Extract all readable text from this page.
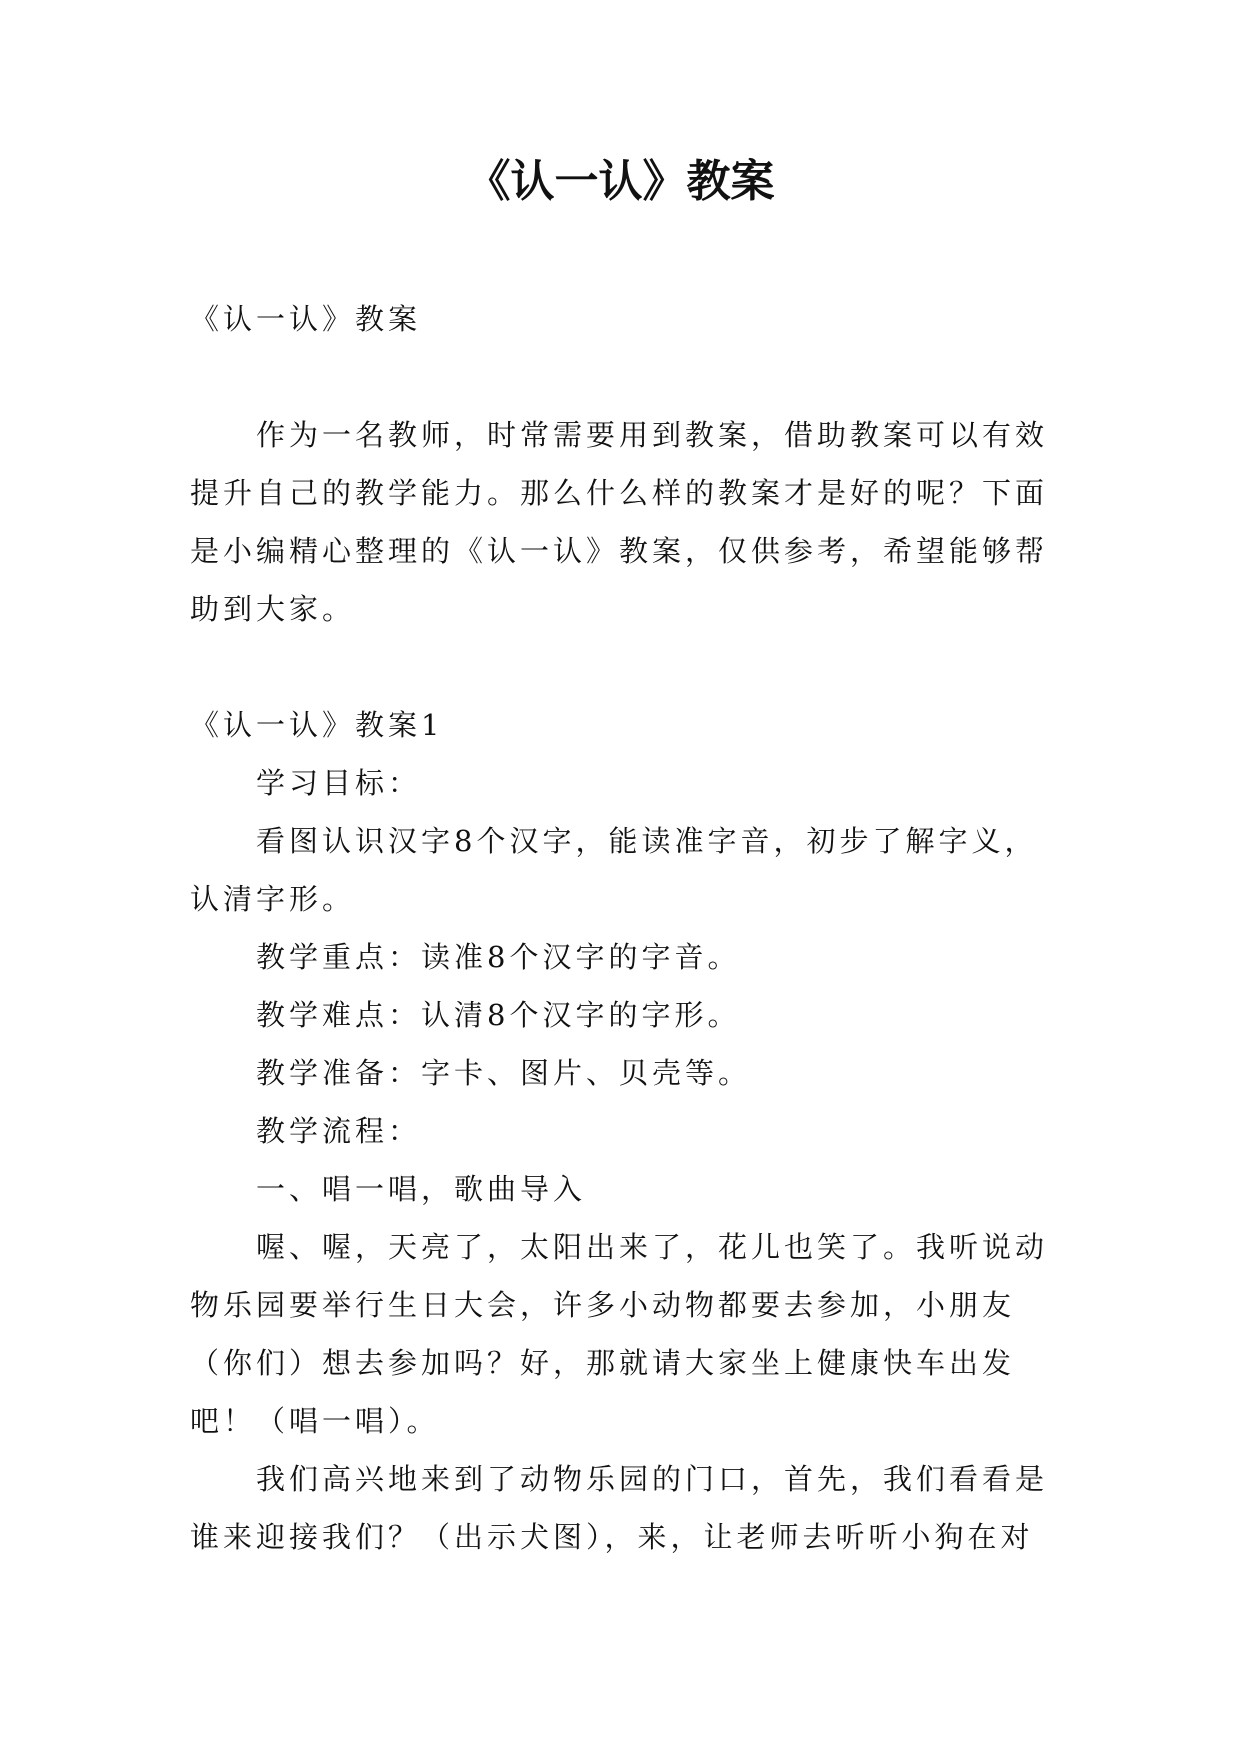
《认一认》教案

《认一认》教案

作为一名教师，时常需要用到教案，借助教案可以有效提升自己的教学能力。那么什么样的教案才是好的呢？下面是小编精心整理的《认一认》教案，仅供参考，希望能够帮助到大家。

《认一认》教案1

学习目标：

看图认识汉字8个汉字，能读准字音，初步了解字义，认清字形。

教学重点：读准8个汉字的字音。

教学难点：认清8个汉字的字形。

教学准备：字卡、图片、贝壳等。

教学流程：

一、唱一唱，歌曲导入

喔、喔，天亮了，太阳出来了，花儿也笑了。我听说动物乐园要举行生日大会，许多小动物都要去参加，小朋友（你们）想去参加吗？好，那就请大家坐上健康快车出发吧！（唱一唱）。

我们高兴地来到了动物乐园的门口，首先，我们看看是谁来迎接我们？（出示犬图），来，让老师去听听小狗在对
